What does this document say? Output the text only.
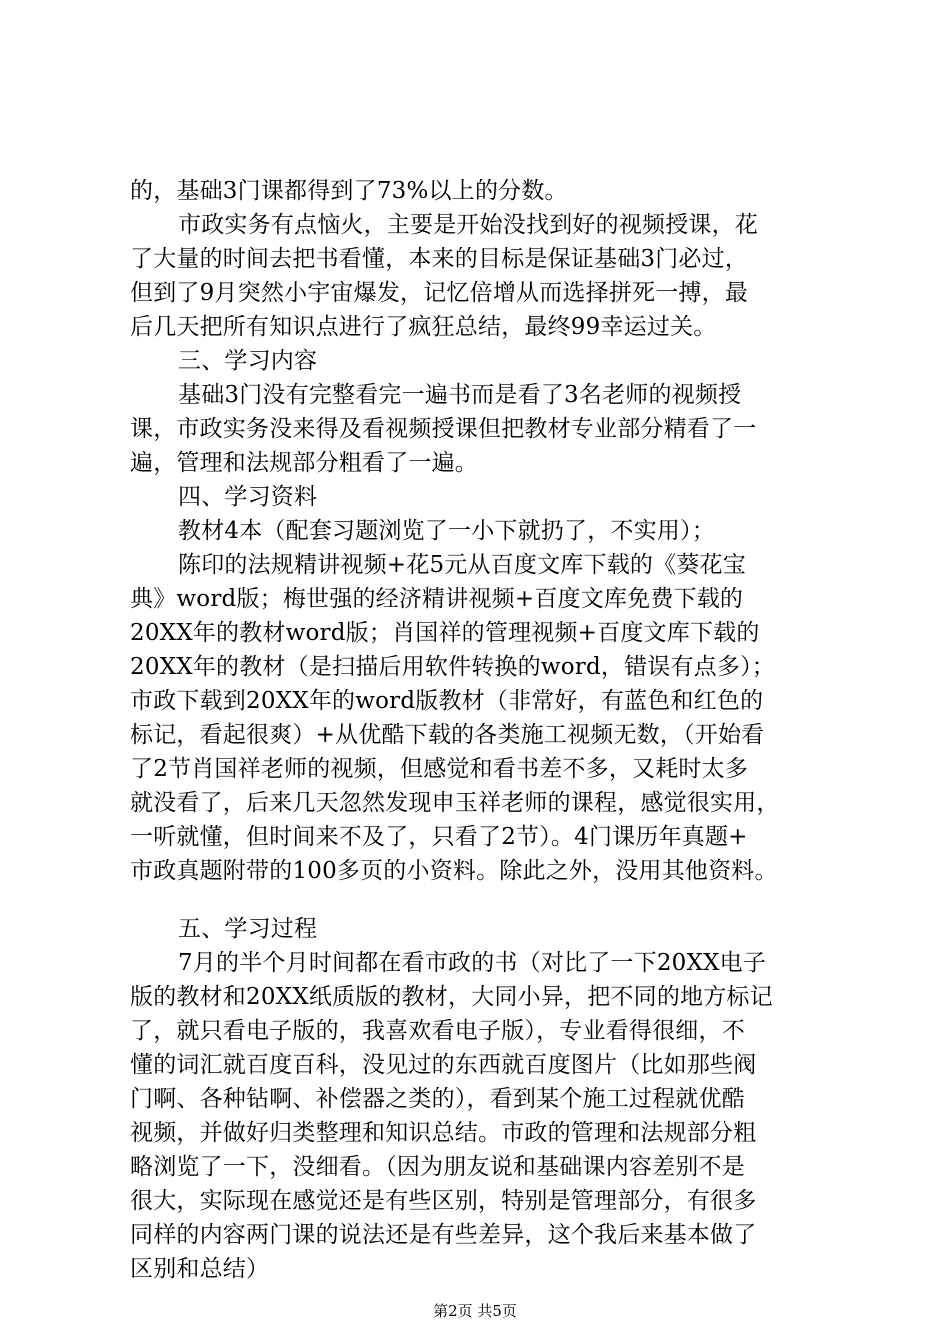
的，基础3门课都得到了73%以上的分数。
市政实务有点恼火，主要是开始没找到好的视频授课，花
了大量的时间去把书看懂，本来的目标是保证基础3门必过，
但到了9月突然小宇宙爆发，记忆倍增从而选择拼死一搏，最
后几天把所有知识点进行了疯狂总结，最终99幸运过关。
三、学习内容
基础3门没有完整看完一遍书而是看了3名老师的视频授
课，市政实务没来得及看视频授课但把教材专业部分精看了一
遍，管理和法规部分粗看了一遍。
四、学习资料
教材4本（配套习题浏览了一小下就扔了，不实用）；
陈印的法规精讲视频+花5元从百度文库下载的《葵花宝
典》word版；梅世强的经济精讲视频+百度文库免费下载的
20XX年的教材word版；肖国祥的管理视频+百度文库下载的
20XX年的教材（是扫描后用软件转换的word，错误有点多）；
市政下载到20XX年的word版教材（非常好，有蓝色和红色的
标记，看起很爽）+从优酷下载的各类施工视频无数，（开始看
了2节肖国祥老师的视频，但感觉和看书差不多，又耗时太多
就没看了，后来几天忽然发现申玉祥老师的课程，感觉很实用，
一听就懂，但时间来不及了，只看了2节）。4门课历年真题+
市政真题附带的100多页的小资料。除此之外，没用其他资料。
五、学习过程
7月的半个月时间都在看市政的书（对比了一下20XX电子
版的教材和20XX纸质版的教材，大同小异，把不同的地方标记
了，就只看电子版的，我喜欢看电子版），专业看得很细，不
懂的词汇就百度百科，没见过的东西就百度图片（比如那些阀
门啊、各种钻啊、补偿器之类的），看到某个施工过程就优酷
视频，并做好归类整理和知识总结。市政的管理和法规部分粗
略浏览了一下，没细看。（因为朋友说和基础课内容差别不是
很大，实际现在感觉还是有些区别，特别是管理部分，有很多
同样的内容两门课的说法还是有些差异，这个我后来基本做了
区别和总结）
第2页 共5页
